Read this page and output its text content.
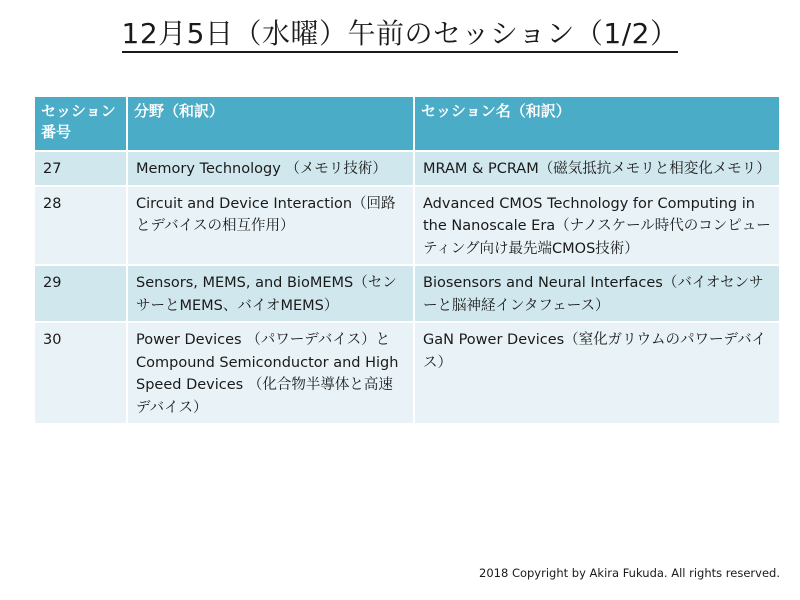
12月5日（水曜）午前のセッション（1/2）
セッション番号	分野（和訳）	セッション名（和訳）
27	Memory Technology （メモリ技術）	MRAM & PCRAM（磁気抵抗メモリと相変化メモリ）
28	Circuit and Device Interaction（回路とデバイスの相互作用）	Advanced CMOS Technology for Computing in the Nanoscale Era（ナノスケール時代のコンピューティング向け最先端CMOS技術）
29	Sensors, MEMS, and BioMEMS（センサーとMEMS、バイオMEMS）	Biosensors and Neural Interfaces（バイオセンサーと脳神経インタフェース）
30	Power Devices （パワーデバイス）とCompound Semiconductor and High Speed Devices （化合物半導体と高速デバイス）	GaN Power Devices（窒化ガリウムのパワーデバイス）
2018 Copyright by Akira Fukuda. All rights reserved.
